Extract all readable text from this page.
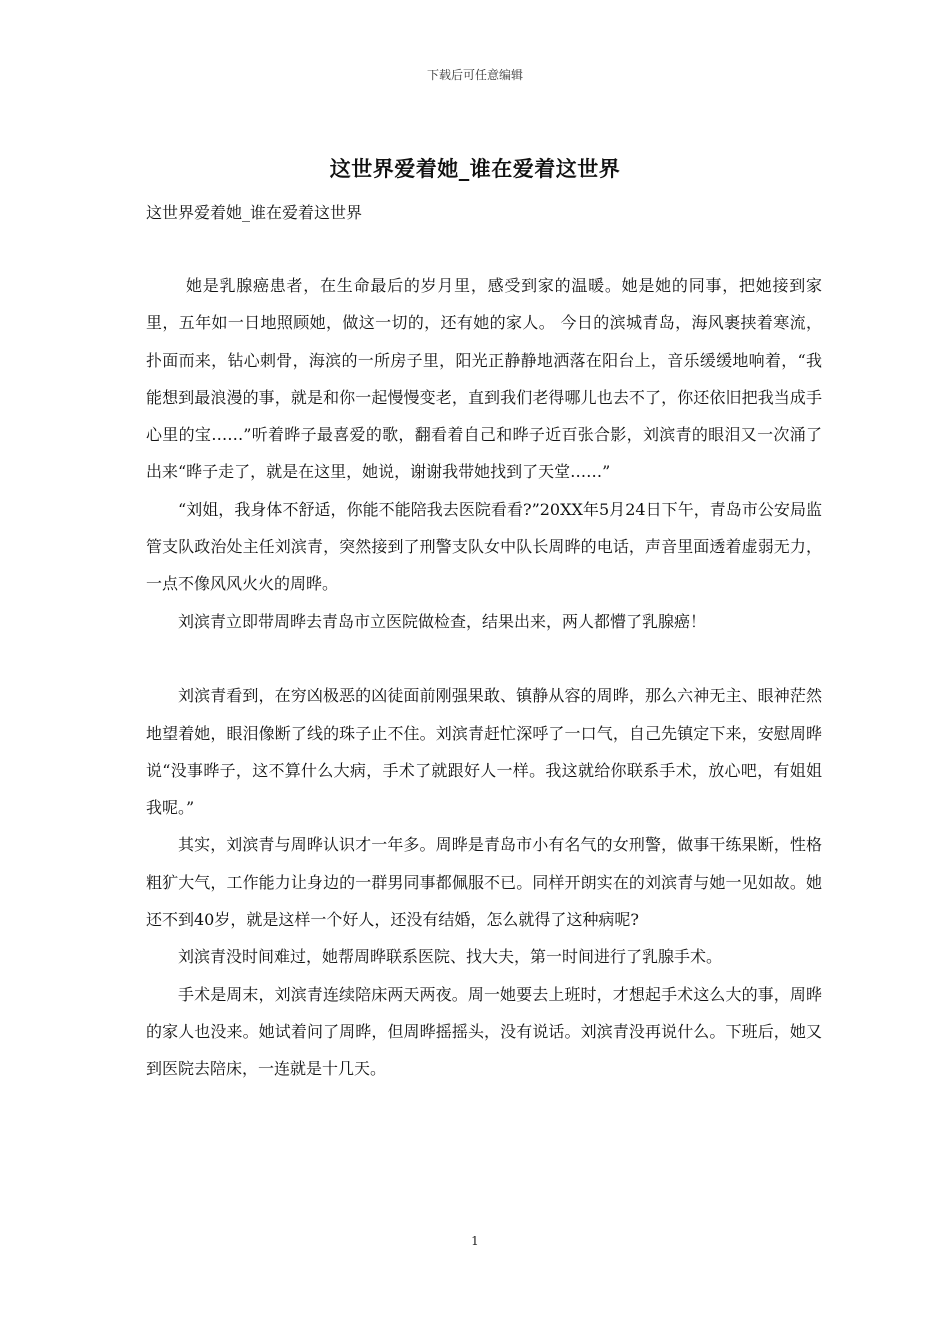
下载后可任意编辑
这世界爱着她_谁在爱着这世界
这世界爱着她_谁在爱着这世界

她是乳腺癌患者，在生命最后的岁月里，感受到家的温暖。她是她的同事，把她接到家里，五年如一日地照顾她，做这一切的，还有她的家人。 今日的滨城青岛，海风裹挟着寒流，扑面而来，钻心刺骨，海滨的一所房子里，阳光正静静地洒落在阳台上，音乐缓缓地响着，“我能想到最浪漫的事，就是和你一起慢慢变老，直到我们老得哪儿也去不了，你还依旧把我当成手心里的宝……”听着晔子最喜爱的歌，翻看着自己和晔子近百张合影，刘滨青的眼泪又一次涌了出来“晔子走了，就是在这里，她说，谢谢我带她找到了天堂……”

“刘姐，我身体不舒适，你能不能陪我去医院看看?”20XX年5月24日下午，青岛市公安局监管支队政治处主任刘滨青，突然接到了刑警支队女中队长周晔的电话，声音里面透着虚弱无力，一点不像风风火火的周晔。

刘滨青立即带周晔去青岛市立医院做检查，结果出来，两人都懵了乳腺癌！

刘滨青看到，在穷凶极恶的凶徒面前刚强果敢、镇静从容的周晔，那么六神无主、眼神茫然地望着她，眼泪像断了线的珠子止不住。刘滨青赶忙深呼了一口气，自己先镇定下来，安慰周晔说“没事晔子，这不算什么大病，手术了就跟好人一样。我这就给你联系手术，放心吧，有姐姐我呢。”

其实，刘滨青与周晔认识才一年多。周晔是青岛市小有名气的女刑警，做事干练果断，性格粗犷大气，工作能力让身边的一群男同事都佩服不已。同样开朗实在的刘滨青与她一见如故。她还不到40岁，就是这样一个好人，还没有结婚，怎么就得了这种病呢?

刘滨青没时间难过，她帮周晔联系医院、找大夫，第一时间进行了乳腺手术。

手术是周末，刘滨青连续陪床两天两夜。周一她要去上班时，才想起手术这么大的事，周晔的家人也没来。她试着问了周晔，但周晔摇摇头，没有说话。刘滨青没再说什么。下班后，她又到医院去陪床，一连就是十几天。

1
